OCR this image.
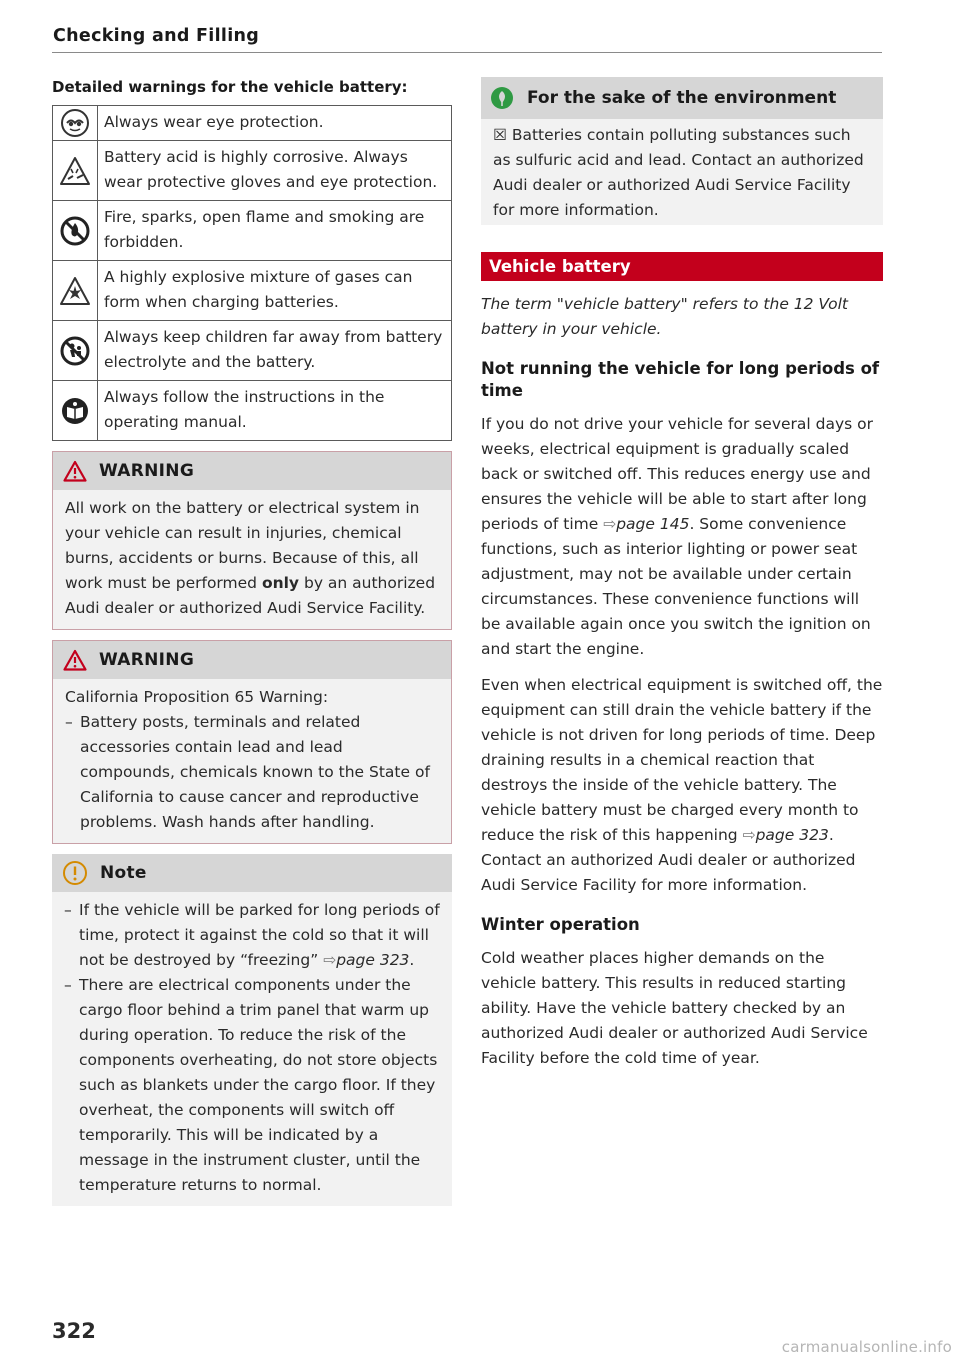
Checking and Filling
Detailed warnings for the vehicle battery:
	Always wear eye protection.

	Battery acid is highly corrosive. Always wear protective gloves and eye protection.

	Fire, sparks, open flame and smoking are forbidden.

	A highly explosive mixture of gases can form when charging batteries.

	Always keep children far away from battery electrolyte and the battery.

	Always follow the instructions in the operating manual.
WARNING
All work on the battery or electrical system in your vehicle can result in injuries, chemical burns, accidents or burns. Because of this, all work must be performed only by an authorized Audi dealer or authorized Audi Service Facility.
WARNING
California Proposition 65 Warning:
– Battery posts, terminals and related accessories contain lead and lead compounds, chemicals known to the State of California to cause cancer and reproductive problems. Wash hands after handling.
Note
– If the vehicle will be parked for long periods of time, protect it against the cold so that it will not be destroyed by “freezing” ⇨page 323.
– There are electrical components under the cargo floor behind a trim panel that warm up during operation. To reduce the risk of the components overheating, do not store objects such as blankets under the cargo floor. If they overheat, the components will switch off temporarily. This will be indicated by a message in the instrument cluster, until the temperature returns to normal.
For the sake of the environment
☒ Batteries contain polluting substances such as sulfuric acid and lead. Contact an authorized Audi dealer or authorized Audi Service Facility for more information.
Vehicle battery

The term "vehicle battery" refers to the 12 Volt battery in your vehicle.

Not running the vehicle for long periods of time

If you do not drive your vehicle for several days or weeks, electrical equipment is gradually scaled back or switched off. This reduces energy use and ensures the vehicle will be able to start after long periods of time ⇨page 145. Some convenience functions, such as interior lighting or power seat adjustment, may not be available under certain circumstances. These convenience functions will be available again once you switch the ignition on and start the engine.

Even when electrical equipment is switched off, the equipment can still drain the vehicle battery if the vehicle is not driven for long periods of time. Deep draining results in a chemical reaction that destroys the inside of the vehicle battery. The vehicle battery must be charged every month to reduce the risk of this happening ⇨page 323. Contact an authorized Audi dealer or authorized Audi Service Facility for more information.

Winter operation

Cold weather places higher demands on the vehicle battery. This results in reduced starting ability. Have the vehicle battery checked by an authorized Audi dealer or authorized Audi Service Facility before the cold time of year.

322
carmanualsonline.info
